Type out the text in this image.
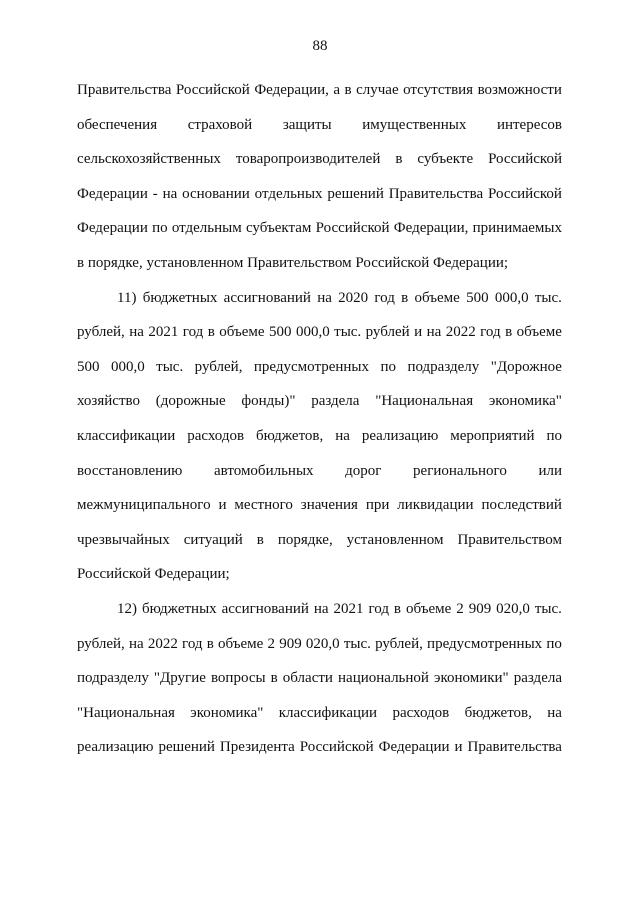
88
Правительства Российской Федерации, а в случае отсутствия возможности
обеспечения страховой защиты имущественных интересов
сельскохозяйственных товаропроизводителей в субъекте Российской
Федерации - на основании отдельных решений Правительства Российской
Федерации по отдельным субъектам Российской Федерации, принимаемых
в порядке, установленном Правительством Российской Федерации;
11) бюджетных ассигнований на 2020 год в объеме 500 000,0 тыс.
рублей, на 2021 год в объеме 500 000,0 тыс. рублей и на 2022 год в объеме
500 000,0 тыс. рублей, предусмотренных по подразделу "Дорожное
хозяйство (дорожные фонды)" раздела "Национальная экономика"
классификации расходов бюджетов, на реализацию мероприятий по
восстановлению автомобильных дорог регионального или
межмуниципального и местного значения при ликвидации последствий
чрезвычайных ситуаций в порядке, установленном Правительством
Российской Федерации;
12) бюджетных ассигнований на 2021 год в объеме 2 909 020,0 тыс.
рублей, на 2022 год в объеме 2 909 020,0 тыс. рублей, предусмотренных по
подразделу "Другие вопросы в области национальной экономики" раздела
"Национальная экономика" классификации расходов бюджетов, на
реализацию решений Президента Российской Федерации и Правительства
